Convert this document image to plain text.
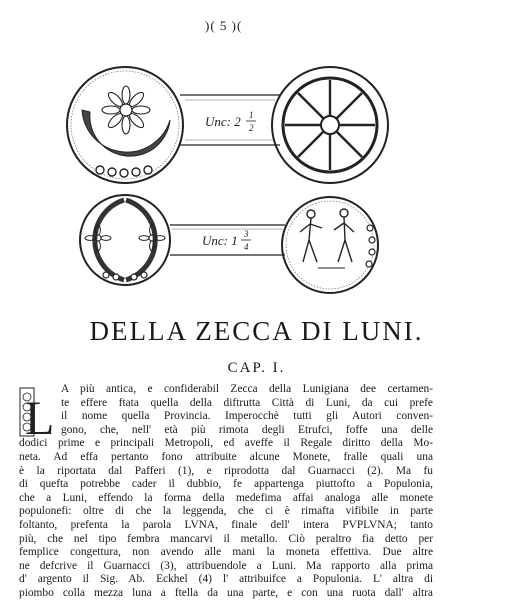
)( 5 )(
Unc: 2 1
2
Unc: 1 3
4
DELLA ZECCA DI LUNI.
CAP. I.
L
A più antica, e confiderabil Zecca della Lunigiana dee certamen-
te effere ftata quella della diftrutta Città di Luni, da cui prefe
il nome quella Provincia. Imperocchè tutti gli Autori conven-
gono, che, nell' età più rimota degli Etrufci, foffe una delle
dodici prime e principali Metropoli, ed aveffe il Regale diritto della Mo-
neta. Ad effa pertanto fono attribuite alcune Monete, fralle quali una
è la riportata dal Pafferi (1), e riprodotta dal Guarnacci (2). Ma fu
di quefta potrebbe cader il dubbio, fe appartenga piuttofto a Populonia,
che a Luni, effendo la forma della medefima affai analoga alle monete
populonefi: oltre di che la leggenda, che ci è rimafta vifibile in parte
foltanto, prefenta la parola LVNA, finale dell' intera PVPLVNA; tanto
più, che nel tipo fembra mancarvi il metallo. Ciò peraltro fia detto per
femplice congettura, non avendo alle mani la moneta effettiva. Due altre
ne defcrive il Guarnacci (3), attribuendole a Luni. Ma rapporto alla prima
d' argento il Sig. Ab. Eckhel (4) l' attribuifce a Populonia. L' altra di
piombo colla mezza luna a ftella da una parte, e con una ruota dall' altra
